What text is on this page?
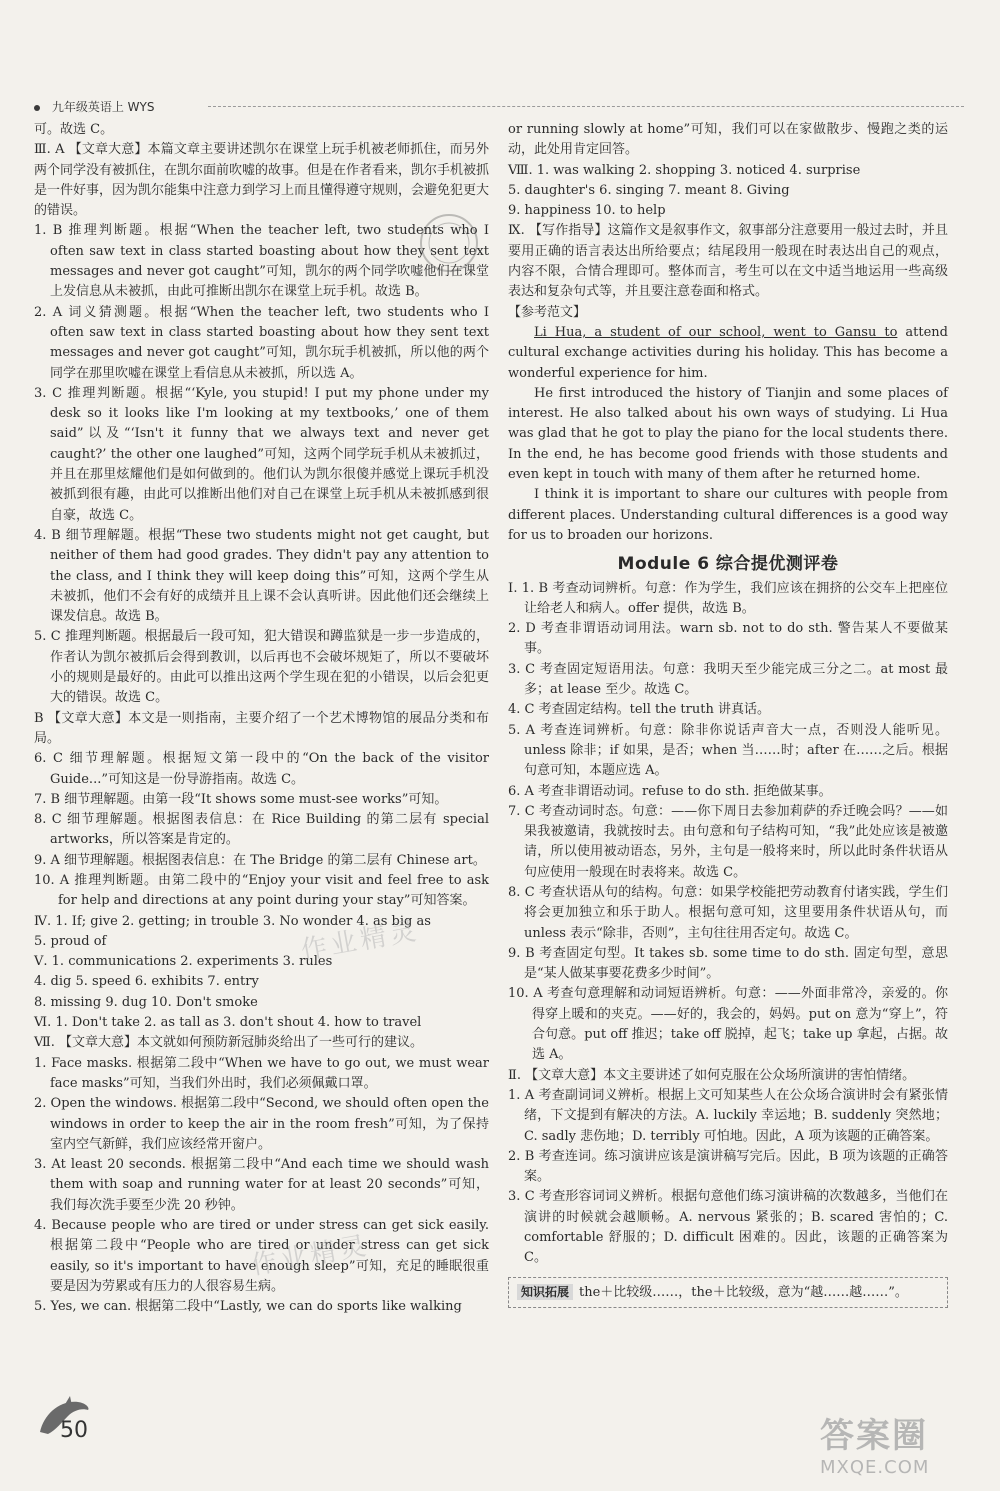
九年级英语上 WYS

可。故选 C。

Ⅲ. A 【文章大意】本篇文章主要讲述凯尔在课堂上玩手机被老师抓住，而另外两个同学没有被抓住，在凯尔面前吹嘘的故事。但是在作者看来，凯尔手机被抓是一件好事，因为凯尔能集中注意力到学习上而且懂得遵守规则，会避免犯更大的错误。

1. B 推理判断题。根据“When the teacher left, two students who I often saw text in class started boasting about how they sent text messages and never got caught”可知，凯尔的两个同学吹嘘他们在课堂上发信息从未被抓，由此可推断出凯尔在课堂上玩手机。故选 B。

2. A 词义猜测题。根据“When the teacher left, two students who I often saw text in class started boasting about how they sent text messages and never got caught”可知，凯尔玩手机被抓，所以他的两个同学在那里吹嘘在课堂上看信息从未被抓，所以选 A。

3. C 推理判断题。根据“‘Kyle, you stupid! I put my phone under my desk so it looks like I'm looking at my textbooks,’ one of them said”以及“‘Isn't it funny that we always text and never get caught?’ the other one laughed”可知，这两个同学玩手机从未被抓过，并且在那里炫耀他们是如何做到的。他们认为凯尔很傻并感觉上课玩手机没被抓到很有趣，由此可以推断出他们对自己在课堂上玩手机从未被抓感到很自豪，故选 C。

4. B 细节理解题。根据“These two students might not get caught, but neither of them had good grades. They didn't pay any attention to the class, and I think they will keep doing this”可知，这两个学生从未被抓，他们不会有好的成绩并且上课不会认真听讲。因此他们还会继续上课发信息。故选 B。

5. C 推理判断题。根据最后一段可知，犯大错误和蹲监狱是一步一步造成的，作者认为凯尔被抓后会得到教训，以后再也不会破坏规矩了，所以不要破坏小的规则是最好的。由此可以推出这两个学生现在犯的小错误，以后会犯更大的错误。故选 C。

B 【文章大意】本文是一则指南，主要介绍了一个艺术博物馆的展品分类和布局。

6. C 细节理解题。根据短文第一段中的“On the back of the visitor Guide...”可知这是一份导游指南。故选 C。

7. B 细节理解题。由第一段“It shows some must-see works”可知。

8. C 细节理解题。根据图表信息：在 Rice Building 的第二层有 special artworks，所以答案是肯定的。

9. A 细节理解题。根据图表信息：在 The Bridge 的第二层有 Chinese art。

10. A 推理判断题。由第二段中的“Enjoy your visit and feel free to ask for help and directions at any point during your stay”可知答案。

Ⅳ. 1. If; give 2. getting; in trouble 3. No wonder 4. as big as

5. proud of

Ⅴ. 1. communications 2. experiments 3. rules

4. dig 5. speed 6. exhibits 7. entry

8. missing 9. dug 10. Don't smoke

Ⅵ. 1. Don't take 2. as tall as 3. don't shout 4. how to travel

Ⅶ. 【文章大意】本文就如何预防新冠肺炎给出了一些可行的建议。

1. Face masks. 根据第二段中“When we have to go out, we must wear face masks”可知，当我们外出时，我们必须佩戴口罩。

2. Open the windows. 根据第二段中“Second, we should often open the windows in order to keep the air in the room fresh”可知，为了保持室内空气新鲜，我们应该经常开窗户。

3. At least 20 seconds. 根据第二段中“And each time we should wash them with soap and running water for at least 20 seconds”可知，我们每次洗手要至少洗 20 秒钟。

4. Because people who are tired or under stress can get sick easily. 根据第二段中“People who are tired or under stress can get sick easily, so it's important to have enough sleep”可知，充足的睡眠很重要是因为劳累或有压力的人很容易生病。

5. Yes, we can. 根据第二段中“Lastly, we can do sports like walking

or running slowly at home”可知，我们可以在家做散步、慢跑之类的运动，此处用肯定回答。

Ⅷ. 1. was walking 2. shopping 3. noticed 4. surprise

5. daughter's 6. singing 7. meant 8. Giving

9. happiness 10. to help

Ⅸ. 【写作指导】这篇作文是叙事作文，叙事部分注意要用一般过去时，并且要用正确的语言表达出所给要点；结尾段用一般现在时表达出自己的观点，内容不限，合情合理即可。整体而言，考生可以在文中适当地运用一些高级表达和复杂句式等，并且要注意卷面和格式。

【参考范文】

Li Hua, a student of our school, went to Gansu to attend cultural exchange activities during his holiday. This has become a wonderful experience for him.

He first introduced the history of Tianjin and some places of interest. He also talked about his own ways of studying. Li Hua was glad that he got to play the piano for the local students there. In the end, he has become good friends with those students and even kept in touch with many of them after he returned home.

I think it is important to share our cultures with people from different places. Understanding cultural differences is a good way for us to broaden our horizons.

Module 6 综合提优测评卷

Ⅰ. 1. B 考查动词辨析。句意：作为学生，我们应该在拥挤的公交车上把座位让给老人和病人。offer 提供，故选 B。

2. D 考查非谓语动词用法。warn sb. not to do sth. 警告某人不要做某事。

3. C 考查固定短语用法。句意：我明天至少能完成三分之二。at most 最多；at lease 至少。故选 C。

4. C 考查固定结构。tell the truth 讲真话。

5. A 考查连词辨析。句意：除非你说话声音大一点，否则没人能听见。unless 除非；if 如果，是否；when 当……时；after 在……之后。根据句意可知，本题应选 A。

6. A 考查非谓语动词。refuse to do sth. 拒绝做某事。

7. C 考查动词时态。句意：——你下周日去参加莉萨的乔迁晚会吗？——如果我被邀请，我就按时去。由句意和句子结构可知，“我”此处应该是被邀请，所以使用被动语态，另外，主句是一般将来时，所以此时条件状语从句应使用一般现在时表将来。故选 C。

8. C 考查状语从句的结构。句意：如果学校能把劳动教育付诸实践，学生们将会更加独立和乐于助人。根据句意可知，这里要用条件状语从句，而 unless 表示“除非，否则”，主句往往用否定句。故选 C。

9. B 考查固定句型。It takes sb. some time to do sth. 固定句型，意思是“某人做某事要花费多少时间”。

10. A 考查句意理解和动词短语辨析。句意：——外面非常冷，亲爱的。你得穿上暖和的夹克。——好的，我会的，妈妈。put on 意为“穿上”，符合句意。put off 推迟；take off 脱掉，起飞；take up 拿起，占据。故选 A。

Ⅱ. 【文章大意】本文主要讲述了如何克服在公众场所演讲的害怕情绪。

1. A 考查副词词义辨析。根据上文可知某些人在公众场合演讲时会有紧张情绪，下文提到有解决的方法。A. luckily 幸运地；B. suddenly 突然地；C. sadly 悲伤地；D. terribly 可怕地。因此，A 项为该题的正确答案。

2. B 考查连词。练习演讲应该是演讲稿写完后。因此，B 项为该题的正确答案。

3. C 考查形容词词义辨析。根据句意他们练习演讲稿的次数越多，当他们在演讲的时候就会越顺畅。A. nervous 紧张的；B. scared 害怕的；C. comfortable 舒服的；D. difficult 困难的。因此，该题的正确答案为 C。

知识拓展 the＋比较级……，the＋比较级，意为“越……越……”。
作业精灵
作业精灵
50	答案圈
MXQE.COM
